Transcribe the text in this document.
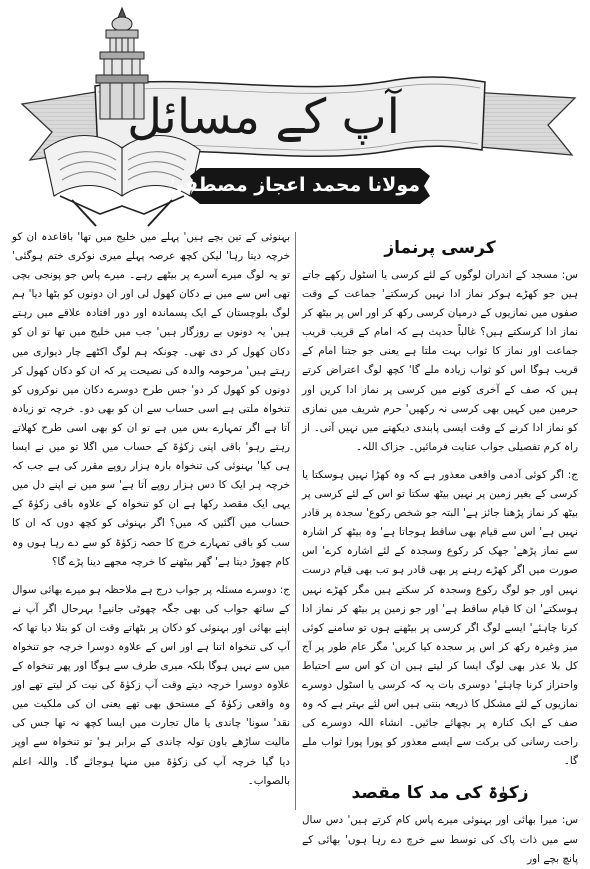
آپ کے مسائل
مولانا محمد اعجاز مصطفیٰ
کرسی پرنماز

س: مسجد کے اندران لوگوں کے لئے کرسی یا اسٹول رکھے جاتے ہیں جو کھڑے ہوکر نماز ادا نہیں کرسکتے' جماعت کے وقت صفوں میں نمازیوں کے درمیان کرسی رکھ کر اور اس پر بیٹھ کر نماز ادا کرسکتے ہیں؟ غالباً حدیث ہے کہ امام کے قریب قریب جماعت اور نماز کا ثواب بہت ملتا ہے یعنی جو جتنا امام کے قریب ہوگا اس کو ثواب زیادہ ملے گا' کچھ لوگ اعتراض کرتے ہیں کہ صف کے آخری کونے میں کرسی پر نماز ادا کریں اور حرمین میں کہیں بھی کرسی نہ رکھیں' حرم شریف میں نمازی کو نماز ادا کرنے کے وقت ایسی پابندی دیکھنے میں نہیں آتی۔ از راہ کرم تفصیلی جواب عنایت فرمائیں۔ جزاک اللہ۔

ج: اگر کوئی آدمی واقعی معذور ہے کہ وہ کھڑا نہیں ہوسکتا یا کرسی کے بغیر زمین پر نہیں بیٹھ سکتا تو اس کے لئے کرسی پر بیٹھ کر نماز پڑھنا جائز ہے' البتہ جو شخص رکوع' سجدہ پر قادر نہیں ہے' اس سے قیام بھی ساقط ہوجاتا ہے' وہ بیٹھ کر اشارہ سے نماز پڑھے' جھک کر رکوع وسجدہ کے لئے اشارہ کرے' اس صورت میں اگر کھڑے رہنے پر بھی قادر ہو تب بھی قیام درست نہیں اور جو لوگ رکوع وسجدہ کر سکتے ہیں مگر کھڑے نہیں ہوسکتے' ان کا قیام ساقط ہے' اور جو زمین پر بیٹھ کر نماز ادا کرنا چاہئے' ایسے لوگ اگر کرسی پر بیٹھنے ہوں تو سامنے کوئی میز وغیرہ رکھ کر اس پر سجدہ کیا کریں' مگر عام طور پر آج کل بلا عذر بھی لوگ ایسا کر لیتے ہیں ان کو اس سے احتیاط واحتراز کرنا چاہئے' دوسری بات یہ کہ کرسی یا اسٹول دوسرے نمازیوں کے لئے مشکل کا ذریعہ بنتی ہیں اس لئے بہتر ہے کہ وہ صف کے ایک کنارہ پر بچھائے جائیں۔ انشاء اللہ دوسرے کی راحت رسانی کی برکت سے ایسے معذور کو پورا پورا ثواب ملے گا۔

زکوٰۃ کی مد کا مقصد

س: میرا بھائی اور بہنوئی میرے پاس کام کرتے ہیں' دس سال سے میں ذات پاک کی توسط سے خرچ دے رہا ہوں' بھائی کے پانچ بچے اور

بہنوئی کے تین بچے ہیں' پہلے میں خلیج میں تھا' باقاعدہ ان کو خرچہ دیتا رہا' لیکن کچھ عرصہ پہلے میری نوکری ختم ہوگئی' تو یہ لوگ میرے آسرے پر بیٹھے رہے۔ میرے پاس جو پونجی بچی تھی اس سے میں نے دکان کھول لی اور ان دونوں کو بٹھا دیا' ہم لوگ بلوچستان کے ایک پسماندہ اور دور افتادہ علاقے میں رہتے ہیں' یہ دونوں بے روزگار ہیں' جب میں خلیج میں تھا تو ان کو دکان کھول کر دی تھی۔ چونکہ ہم لوگ اکٹھے چار دیواری میں رہتے ہیں' مرحومہ والدہ کی نصیحت پر کہ ان کو دکان کھول کر دونوں کو کھول کر دو' جس طرح دوسرے دکان میں نوکروں کو تنخواہ ملتی ہے اسی حساب سے ان کو بھی دو۔ خرچہ تو زیادہ آتا ہے اگر تمہارے بس میں ہے تو ان کو بھی اسی طرح کھلاتے رہتے رہو' باقی اپنی زکوٰۃ کے حساب میں اگلا تو میں نے ایسا ہی کیا' بہنوئی کی تنخواہ بارہ ہزار روپے مقرر کی ہے جب کہ خرچہ ہر ایک کا دس ہزار روپے آتا ہے' سو میں نے اپنے دل میں یہی ایک مقصد رکھا ہے ان کو تنخواہ کے علاوہ باقی زکوٰۃ کے حساب میں آگئیں کہ میں؟ اگر بہنوئی کو کچھ دوں کہ ان کا سب کو باقی تمہارے خرچ کا حصہ زکوٰۃ کو سے دے رہا ہوں وہ کام چھوڑ دیتا ہے' گھر بیٹھنے کا خرچہ مجھے دینا پڑے گا؟

ج: دوسرے مسئلہ پر جواب درج ہے ملاحظہ ہو میرے بھائی سوال کے ساتھ جواب کی بھی جگہ چھوٹی جانیے! بہرحال اگر آپ نے اپنے بھائی اور بہنوئی کو دکان پر بٹھاتے وقت ان کو بتلا دیا تھا کہ آپ کی تنخواہ اتنا ہے اور اس کے علاوہ دوسرا خرچہ جو تنخواہ میں سے نہیں ہوگا بلکہ میری طرف سے ہوگا اور پھر تنخواہ کے علاوہ دوسرا خرچہ دیتے وقت آپ زکوٰۃ کی نیت کر لیتے تھے اور وہ واقعی زکوٰۃ کے مستحق بھی تھے یعنی ان کی ملکیت میں نقد' سونا' چاندی یا مال تجارت میں ایسا کچھ نہ تھا جس کی مالیت ساڑھے باون تولہ چاندی کے برابر ہو' تو تنخواہ سے اوپر دیا گیا خرچہ آپ کی زکوٰۃ میں منہا ہوجائے گا۔ واللہ اعلم بالصواب۔
